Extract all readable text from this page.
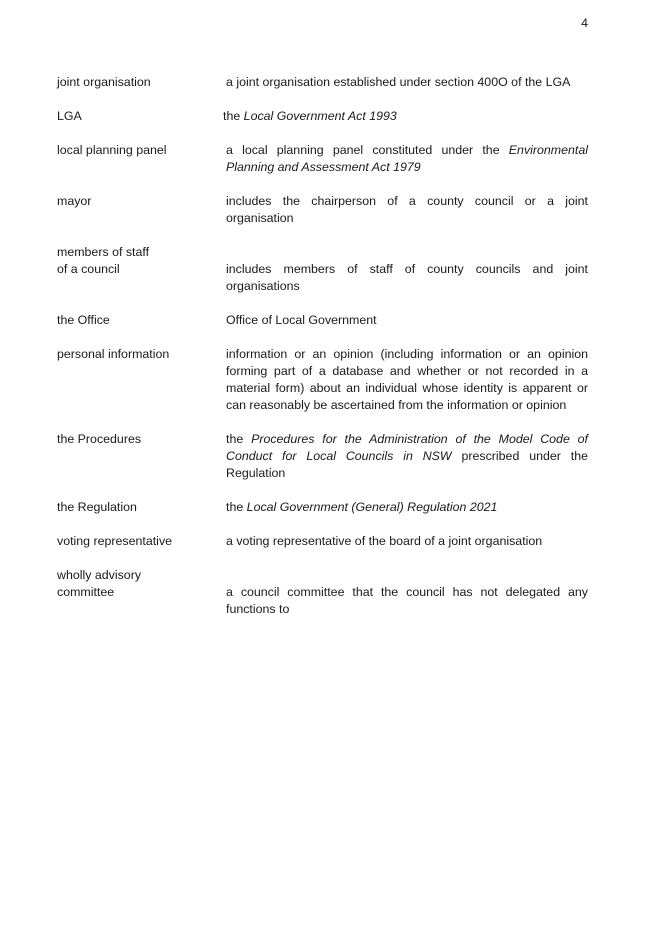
4
joint organisation	a joint organisation established under section 400O of the LGA
LGA	the Local Government Act 1993
local planning panel	a local planning panel constituted under the Environmental Planning and Assessment Act 1979
mayor	includes the chairperson of a county council or a joint organisation
members of staff
of a council	includes members of staff of county councils and joint organisations
the Office	Office of Local Government
personal information	information or an opinion (including information or an opinion forming part of a database and whether or not recorded in a material form) about an individual whose identity is apparent or can reasonably be ascertained from the information or opinion
the Procedures	the Procedures for the Administration of the Model Code of Conduct for Local Councils in NSW prescribed under the Regulation
the Regulation	the Local Government (General) Regulation 2021
voting representative	a voting representative of the board of a joint organisation
wholly advisory
committee	a council committee that the council has not delegated any functions to
